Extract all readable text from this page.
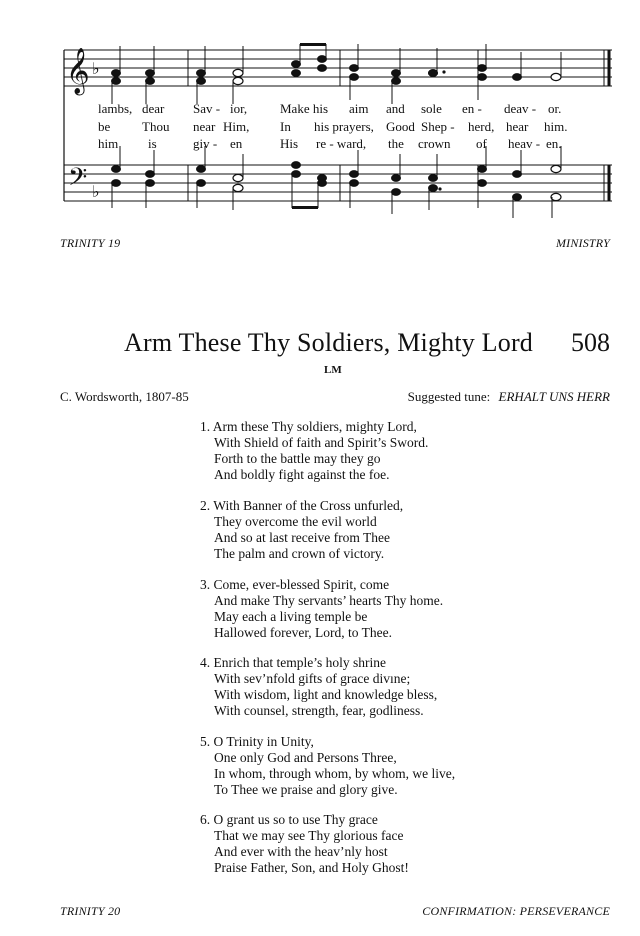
𝄞
𝄢
♭
♭
lambs, dear Sav - ior,	Make his aim and sole en - deav - or.
be Thou near Him, In his prayers, Good Shep - herd, hear him.
him is	giv - en	His re - ward, the crown of heav - en.
TRINITY 19	MINISTRY
Arm These Thy Soldiers, Mighty Lord 508
LM
C. Wordsworth, 1807-85	Suggested tune: ERHALT UNS HERR
1. Arm these Thy soldiers, mighty Lord,
With Shield of faith and Spirit’s Sword.
Forth to the battle may they go
And boldly fight against the foe.
2. With Banner of the Cross unfurled,
They overcome the evil world
And so at last receive from Thee
The palm and crown of victory.
3. Come, ever-blessed Spirit, come
And make Thy servants’ hearts Thy home.
May each a living temple be
Hallowed forever, Lord, to Thee.
4. Enrich that temple’s holy shrine
With sev’nfold gifts of grace divıne;
With wisdom, light and knowledge bless,
With counsel, strength, fear, godliness.
5. O Trinity in Unity,
One only God and Persons Three,
In whom, through whom, by whom, we live,
To Thee we praise and glory give.
6. O grant us so to use Thy grace
That we may see Thy glorious face
And ever with the heav’nly host
Praise Father, Son, and Holy Ghost!
TRINITY 20	CONFIRMATION: PERSEVERANCE
